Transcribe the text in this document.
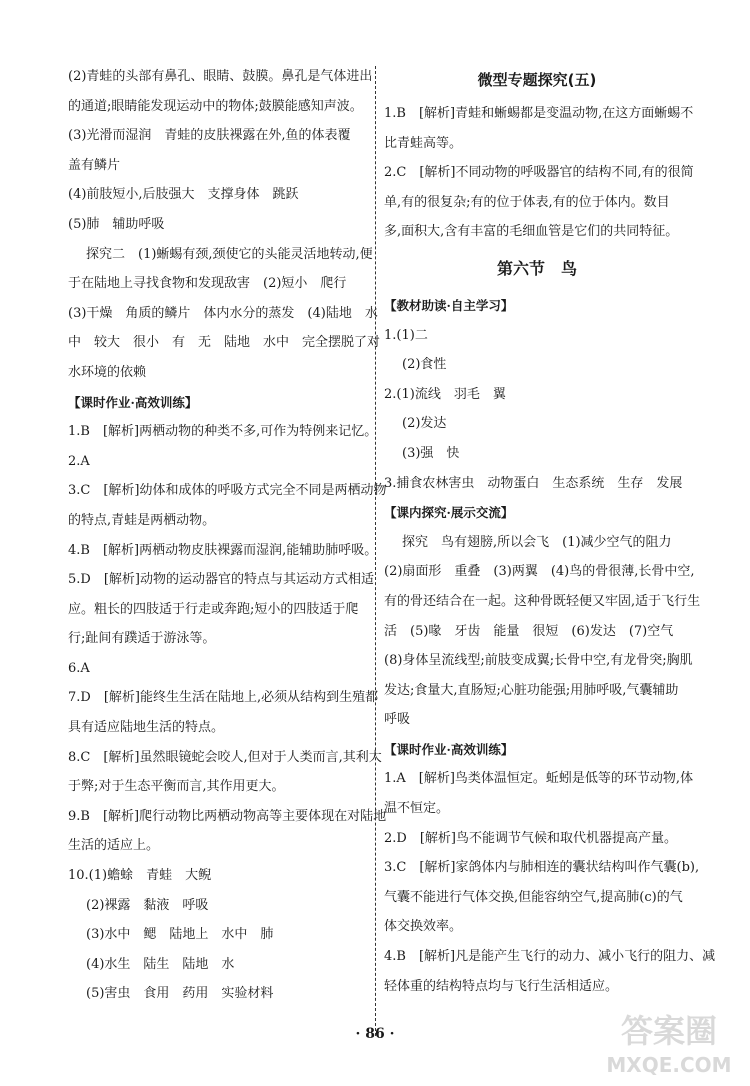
(2)青蛙的头部有鼻孔、眼睛、鼓膜。鼻孔是气体进出
的通道;眼睛能发现运动中的物体;鼓膜能感知声波。
(3)光滑而湿润　青蛙的皮肤裸露在外,鱼的体表覆
盖有鳞片
(4)前肢短小,后肢强大　支撑身体　跳跃
(5)肺　辅助呼吸
探究二　(1)蜥蜴有颈,颈使它的头能灵活地转动,便
于在陆地上寻找食物和发现敌害　(2)短小　爬行
(3)干燥　角质的鳞片　体内水分的蒸发　(4)陆地　水
中　较大　很小　有　无　陆地　水中　完全摆脱了对
水环境的依赖
【课时作业·高效训练】
1.B　[解析]两栖动物的种类不多,可作为特例来记忆。
2.A
3.C　[解析]幼体和成体的呼吸方式完全不同是两栖动物
的特点,青蛙是两栖动物。
4.B　[解析]两栖动物皮肤裸露而湿润,能辅助肺呼吸。
5.D　[解析]动物的运动器官的特点与其运动方式相适
应。粗长的四肢适于行走或奔跑;短小的四肢适于爬
行;趾间有蹼适于游泳等。
6.A
7.D　[解析]能终生生活在陆地上,必须从结构到生殖都
具有适应陆地生活的特点。
8.C　[解析]虽然眼镜蛇会咬人,但对于人类而言,其利大
于弊;对于生态平衡而言,其作用更大。
9.B　[解析]爬行动物比两栖动物高等主要体现在对陆地
生活的适应上。
10.(1)蟾蜍　青蛙　大鲵
(2)裸露　黏液　呼吸
(3)水中　鳃　陆地上　水中　肺
(4)水生　陆生　陆地　水
(5)害虫　食用　药用　实验材料
微型专题探究(五)
1.B　[解析]青蛙和蜥蜴都是变温动物,在这方面蜥蜴不
比青蛙高等。
2.C　[解析]不同动物的呼吸器官的结构不同,有的很简
单,有的很复杂;有的位于体表,有的位于体内。数目
多,面积大,含有丰富的毛细血管是它们的共同特征。
第六节　鸟
【教材助读·自主学习】
1.(1)二
(2)食性
2.(1)流线　羽毛　翼
(2)发达
(3)强　快
3.捕食农林害虫　动物蛋白　生态系统　生存　发展
【课内探究·展示交流】
探究　鸟有翅膀,所以会飞　(1)减少空气的阻力
(2)扇面形　重叠　(3)两翼　(4)鸟的骨很薄,长骨中空,
有的骨还结合在一起。这种骨既轻便又牢固,适于飞行生
活　(5)喙　牙齿　能量　很短　(6)发达　(7)空气
(8)身体呈流线型;前肢变成翼;长骨中空,有龙骨突;胸肌
发达;食量大,直肠短;心脏功能强;用肺呼吸,气囊辅助
呼吸
【课时作业·高效训练】
1.A　[解析]鸟类体温恒定。蚯蚓是低等的环节动物,体
温不恒定。
2.D　[解析]鸟不能调节气候和取代机器提高产量。
3.C　[解析]家鸽体内与肺相连的囊状结构叫作气囊(b),
气囊不能进行气体交换,但能容纳空气,提高肺(c)的气
体交换效率。
4.B　[解析]凡是能产生飞行的动力、减小飞行的阻力、减
轻体重的结构特点均与飞行生活相适应。
· 86 ·	答案圈
MXQE.COM
